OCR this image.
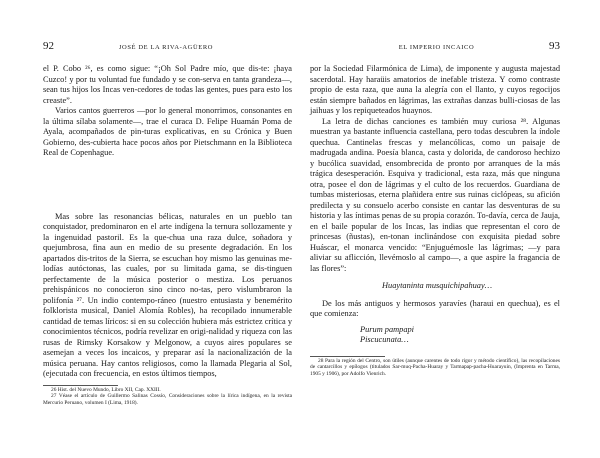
92	JOSÉ DE LA RIVA-AGÜERO

el P. Cobo ²⁶, es como sigue: “¡Oh Sol Padre mío, que dis-te: ¡haya Cuzco! y por tu voluntad fue fundado y se con-serva en tanta grandeza—, sean tus hijos los Incas ven-cedores de todas las gentes, pues para esto los creaste”.

Varios cantos guerreros —por lo general monorrimos, consonantes en la última sílaba solamente—, trae el curaca D. Felipe Huamán Poma de Ayala, acompañados de pin-turas explicativas, en su Crónica y Buen Gobierno, des-cubierta hace pocos años por Pietschmann en la Biblioteca Real de Copenhague.

Mas sobre las resonancias bélicas, naturales en un pueblo tan conquistador, predominaron en el arte indígena la ternura sollozamente y la ingenuidad pastoril. Es la que-chua una raza dulce, soñadora y quejumbrosa, fina aun en medio de su presente degradación. En los apartados dis-tritos de la Sierra, se escuchan hoy mismo las genuinas me-lodías autóctonas, las cuales, por su limitada gama, se dis-tinguen perfectamente de la música posterior o mestiza. Los peruanos prehispánicos no conocieron sino cinco no-tas, pero vislumbraron la polifonía ²⁷. Un indio contempo-ráneo (nuestro entusiasta y benemérito folklorista musical, Daniel Alomía Robles), ha recopilado innumerable cantidad de temas líricos: si en su colección hubiera más estrictez crítica y conocimientos técnicos, podría revelizar en origi-nalidad y riqueza con las rusas de Rimsky Korsakow y Melgonow, a cuyos aires populares se asemejan a veces los incaicos, y preparar así la nacionalización de la música peruana. Hay cantos religiosos, como la llamada Plegaria al Sol, (ejecutada con frecuencia, en estos últimos tiempos,

26 Hist. del Nuevo Mundo, Libro XII, Cap. XXIII.

27 Véase el artículo de Guillermo Salinas Cossío, Consideraciones sobre la lírica indígena, en la revista Mercurio Peruano, volumen I (Lima, 1918).

EL IMPERIO INCAICO	93

por la Sociedad Filarmónica de Lima), de imponente y augusta majestad sacerdotal. Hay haraüis amatorios de inefable tristeza. Y como contraste propio de esta raza, que auna la alegría con el llanto, y cuyos regocijos están siempre bañados en lágrimas, las extrañas danzas bulli-ciosas de las jaihuas y los repiqueteados huaynos.

La letra de dichas canciones es también muy curiosa ²⁸. Algunas muestran ya bastante influencia castellana, pero todas descubren la índole quechua. Cantinelas frescas y melancólicas, como un paisaje de madrugada andina. Poesía blanca, casta y dolorida, de candoroso hechizo y bucólica suavidad, ensombrecida de pronto por arranques de la más trágica desesperación. Esquiva y tradicional, esta raza, más que ninguna otra, posee el don de lágrimas y el culto de los recuerdos. Guardiana de tumbas misteriosas, eterna plañidera entre sus ruinas ciclópeas, su afición predilecta y su consuelo acerbo consiste en cantar las desventuras de su historia y las íntimas penas de su propia corazón. To-davía, cerca de Jauja, en el baile popular de los Incas, las indias que representan el coro de princesas (ñustas), en-tonan inclinándose con exquisita piedad sobre Huáscar, el monarca vencido: “Enjuguémosle las lágrimas; —y para aliviar su aflicción, llevémoslo al campo—, a que aspire la fragancia de las flores”:

Huaytaninta musquichipahuay…

De los más antiguos y hermosos yaravíes (haraui en quechua), es el que comienza:

Purum pampapi
Piscucunata…

28 Para la región del Centro, son útiles (aunque carentes de todo rigor y método científico), las recopilaciones de cantarcillos y epílogos (titulados Sar-muq-Pacha-Huaray y Tarmapap-pacha-Huarayuin, (Imprenta en Tarma, 1905 y 1906), por Adolfo Vienrich.
